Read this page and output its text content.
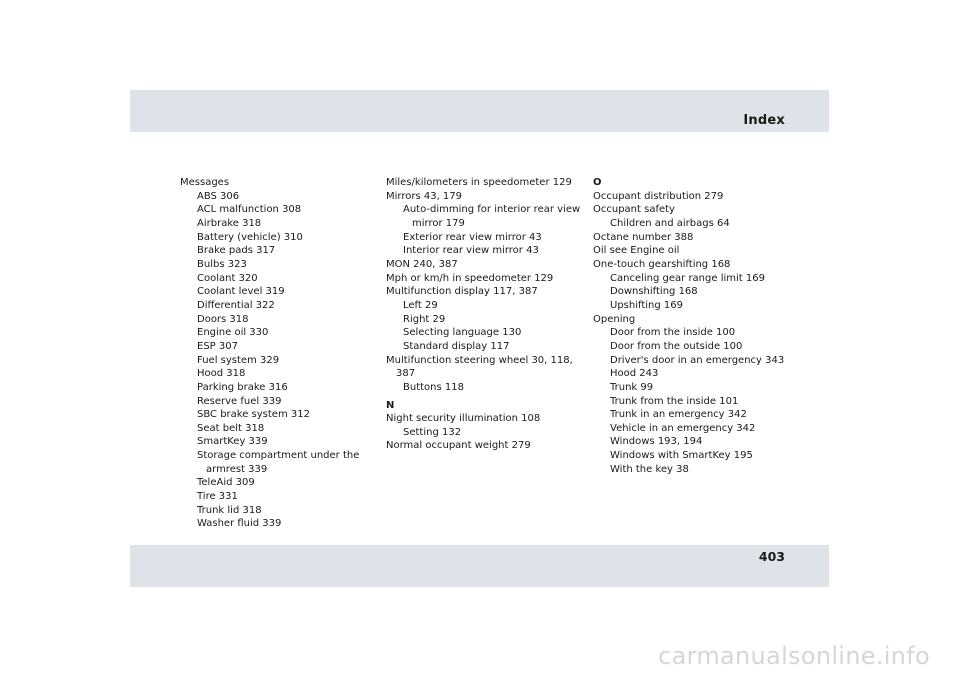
Index
Messages
ABS 306
ACL malfunction 308
Airbrake 318
Battery (vehicle) 310
Brake pads 317
Bulbs 323
Coolant 320
Coolant level 319
Differential 322
Doors 318
Engine oil 330
ESP 307
Fuel system 329
Hood 318
Parking brake 316
Reserve fuel 339
SBC brake system 312
Seat belt 318
SmartKey 339
Storage compartment under the
armrest 339
TeleAid 309
Tire 331
Trunk lid 318
Washer fluid 339
Miles/kilometers in speedometer 129
Mirrors 43, 179
Auto-dimming for interior rear view
mirror 179
Exterior rear view mirror 43
Interior rear view mirror 43
MON 240, 387
Mph or km/h in speedometer 129
Multifunction display 117, 387
Left 29
Right 29
Selecting language 130
Standard display 117
Multifunction steering wheel 30, 118,
387
Buttons 118
N
Night security illumination 108
Setting 132
Normal occupant weight 279
O
Occupant distribution 279
Occupant safety
Children and airbags 64
Octane number 388
Oil see Engine oil
One-touch gearshifting 168
Canceling gear range limit 169
Downshifting 168
Upshifting 169
Opening
Door from the inside 100
Door from the outside 100
Driver's door in an emergency 343
Hood 243
Trunk 99
Trunk from the inside 101
Trunk in an emergency 342
Vehicle in an emergency 342
Windows 193, 194
Windows with SmartKey 195
With the key 38
403
carmanualsonline.info
